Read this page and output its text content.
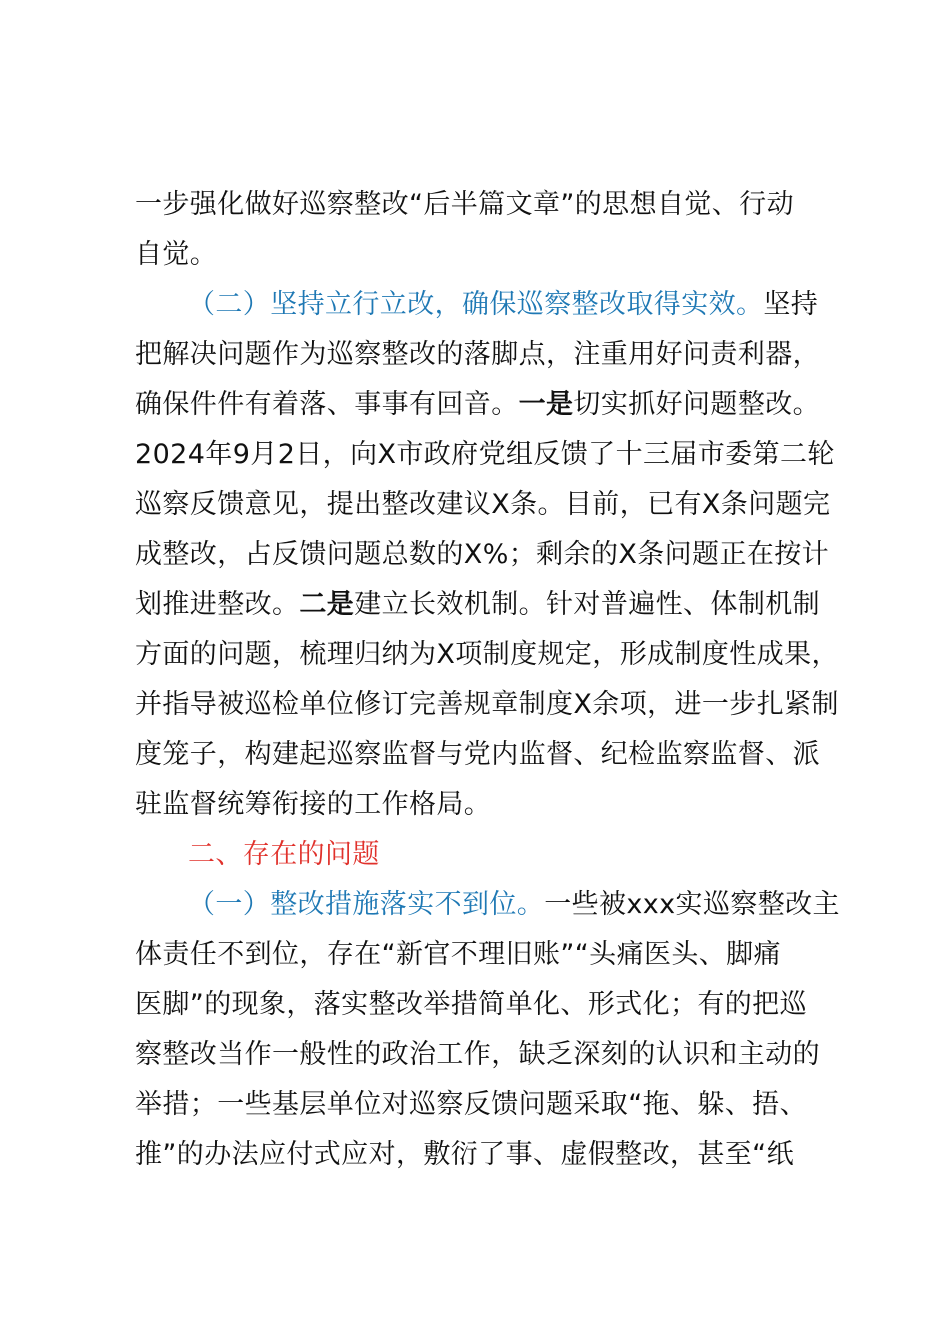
一步强化做好巡察整改“后半篇文章”的思想自觉、行动
自觉。
（二）坚持立行立改，确保巡察整改取得实效。坚持
把解决问题作为巡察整改的落脚点，注重用好问责利器，
确保件件有着落、事事有回音。一是切实抓好问题整改。
2024年9月2日，向X市政府党组反馈了十三届市委第二轮
巡察反馈意见，提出整改建议X条。目前，已有X条问题完
成整改，占反馈问题总数的X%；剩余的X条问题正在按计
划推进整改。二是建立长效机制。针对普遍性、体制机制
方面的问题，梳理归纳为X项制度规定，形成制度性成果，
并指导被巡检单位修订完善规章制度X余项，进一步扎紧制
度笼子，构建起巡察监督与党内监督、纪检监察监督、派
驻监督统筹衔接的工作格局。
二、存在的问题
（一）整改措施落实不到位。一些被xxx实巡察整改主
体责任不到位，存在“新官不理旧账”“头痛医头、脚痛
医脚”的现象，落实整改举措简单化、形式化；有的把巡
察整改当作一般性的政治工作，缺乏深刻的认识和主动的
举措；一些基层单位对巡察反馈问题采取“拖、躲、捂、
推”的办法应付式应对，敷衍了事、虚假整改，甚至“纸
